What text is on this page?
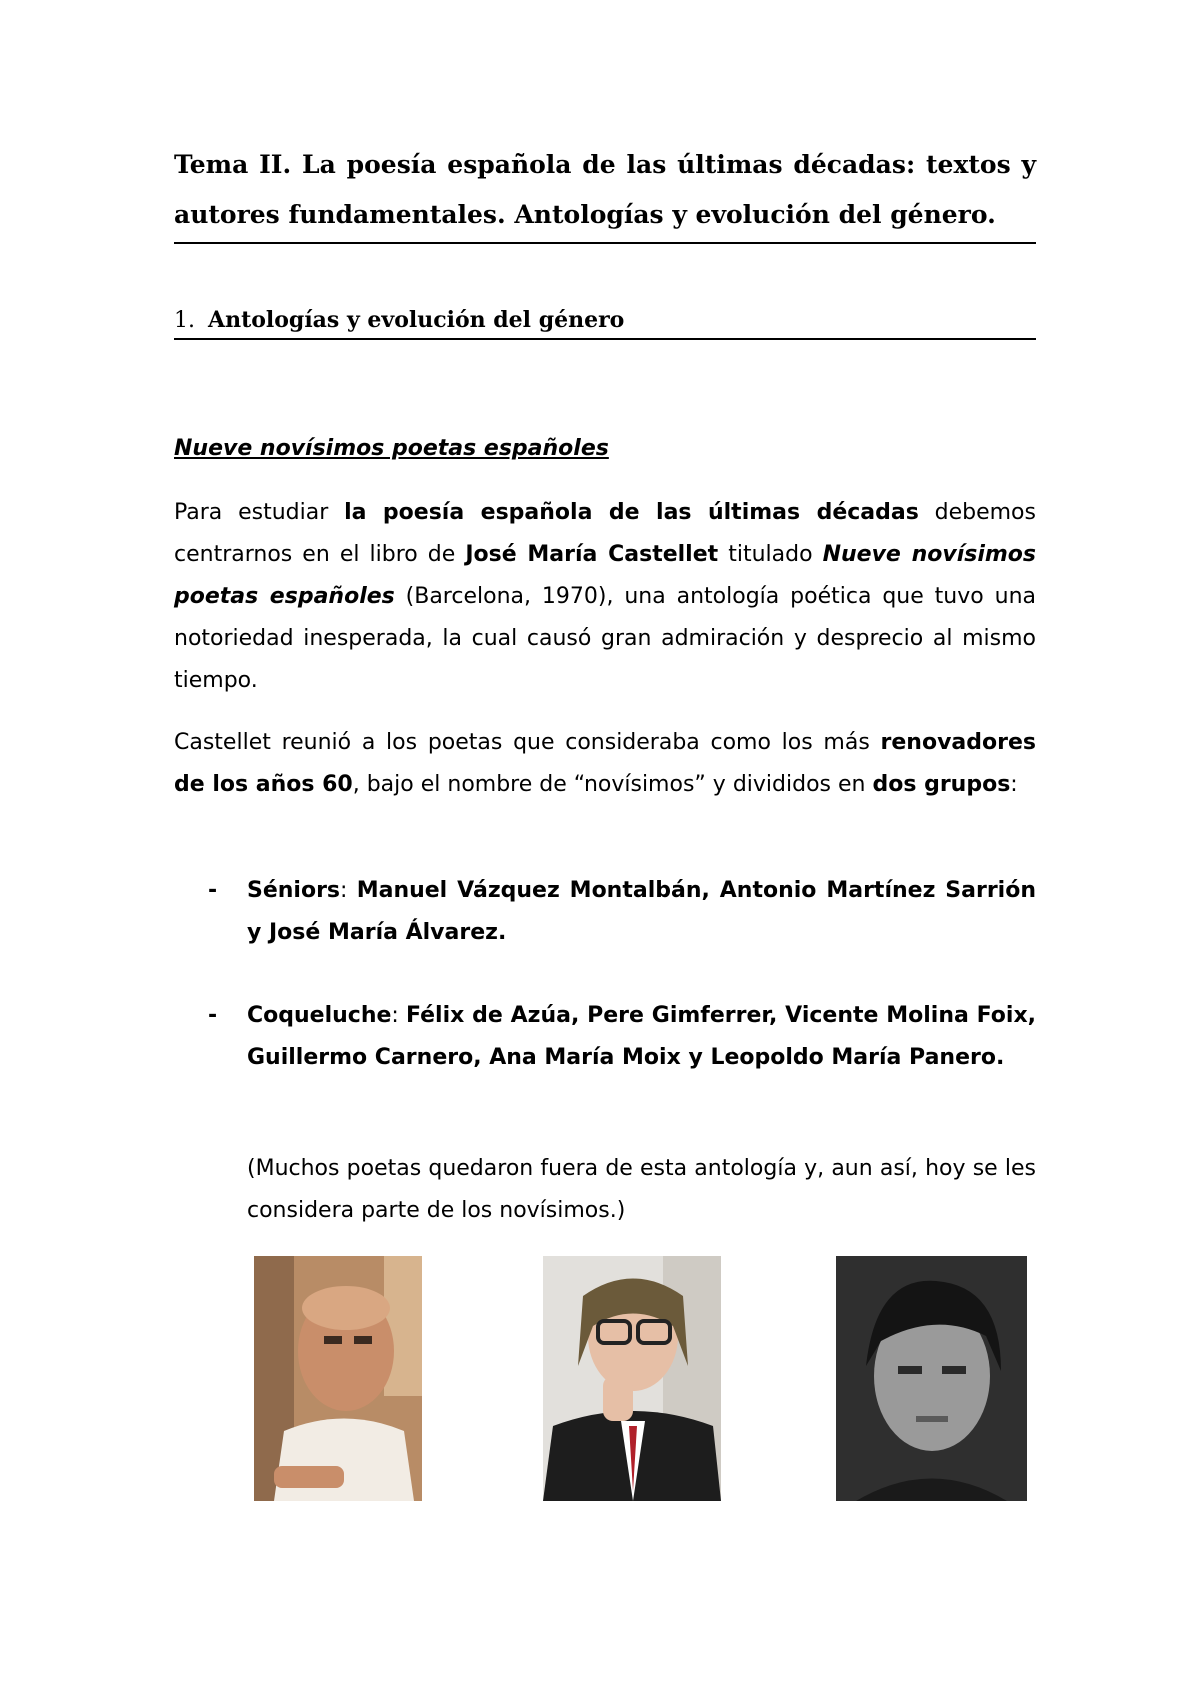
Tema II. La poesía española de las últimas décadas: textos y autores fundamentales. Antologías y evolución del género.
1. Antologías y evolución del género
Nueve novísimos poetas españoles

Para estudiar la poesía española de las últimas décadas debemos centrarnos en el libro de José María Castellet titulado Nueve novísimos poetas españoles (Barcelona, 1970), una antología poética que tuvo una notoriedad inesperada, la cual causó gran admiración y desprecio al mismo tiempo.

Castellet reunió a los poetas que consideraba como los más renovadores de los años 60, bajo el nombre de “novísimos” y divididos en dos grupos:

- Séniors: Manuel Vázquez Montalbán, Antonio Martínez Sarrión y José María Álvarez.
- Coqueluche: Félix de Azúa, Pere Gimferrer, Vicente Molina Foix, Guillermo Carnero, Ana María Moix y Leopoldo María Panero.

(Muchos poetas quedaron fuera de esta antología y, aun así, hoy se les considera parte de los novísimos.)
